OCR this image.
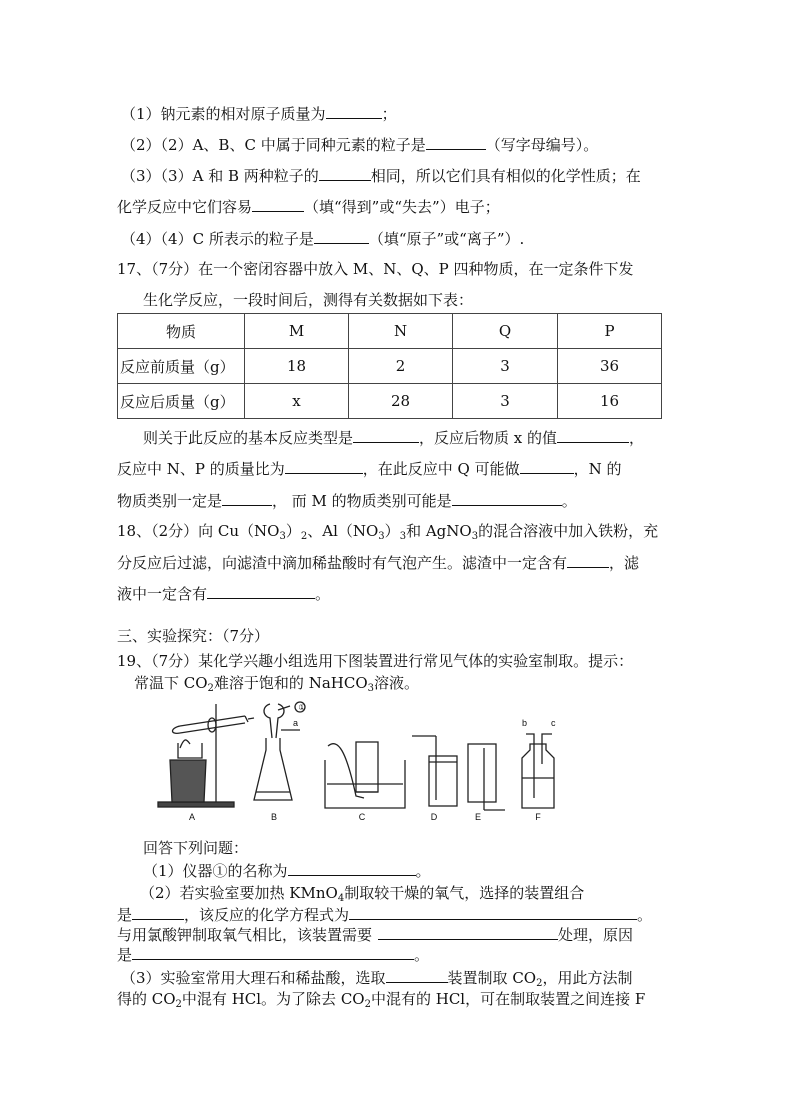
（1）钠元素的相对原子质量为	；
（2）（2）A、B、C 中属于同种元素的粒子是	（写字母编号）。
（3）（3）A 和 B 两种粒子的	相同，所以它们具有相似的化学性质；在
化学反应中它们容易	（填“得到”或“失去”）电子；
（4）（4）C 所表示的粒子是	（填“原子”或“离子”）.
17、（7分）在一个密闭容器中放入 M、N、Q、P 四种物质，在一定条件下发
生化学反应，一段时间后，测得有关数据如下表：
物质	M	N	Q	P
反应前质量（g）	18	2	3	36
反应后质量（g）	x	28	3	16
则关于此反应的基本反应类型是	，反应后物质 x 的值	，
反应中 N、P 的质量比为	，在此反应中 Q 可能做	，N 的
物质类别一定是	， 而 M 的物质类别可能是	。
18、（2分）向 $Cu(NO_3)_2$、$Al(NO_3)_3$和 AgNO$_3$的混合溶液中加入铁粉，充
分反应后过滤，向滤渣中滴加稀盐酸时有气泡产生。滤渣中一定含有	，滤
液中一定含有	。
三、实验探究：（7分）
19、（7分）某化学兴趣小组选用下图装置进行常见气体的实验室制取。提示：
常温下 $CO_2$难溶于饱和的 NaHCO$_3$溶液。
①
a	b	c
A	B	C	D	E	F
回答下列问题：
（1）仪器①的名称为	。
（2）若实验室要加热 KMnO$_4$制取较干燥的氧气，选择的装置组合
是	，该反应的化学方程式为	。
与用氯酸钾制取氧气相比，该装置需要	处理，原因
是	。
（3）实验室常用大理石和稀盐酸，选取	装置制取 $CO_2$，用此方法制
得的 $CO_2$中混有 HCl。为了除去 $CO_2$中混有的 HCl，可在制取装置之间连接 F
